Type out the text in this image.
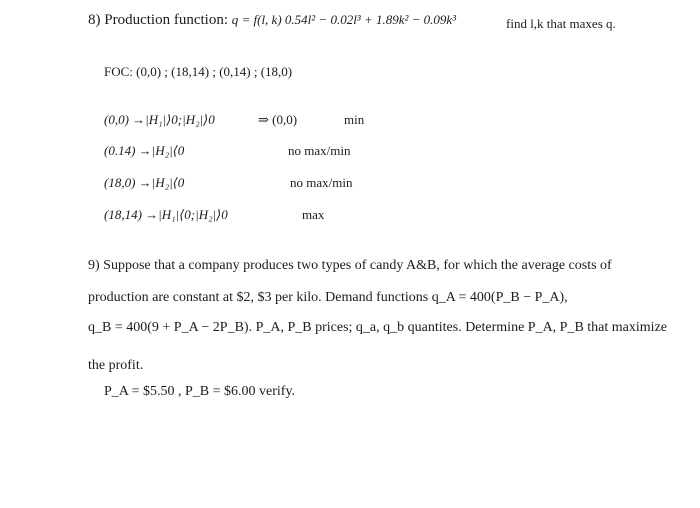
8) Production function: q = f(l, k) 0.54l² − 0.02l³ + 1.89k² − 0.09k³	find l,k that maxes q.
FOC: (0,0) ; (18,14) ; (0,14) ; (18,0)
(0,0) →|H₁|⟩0;|H₂|⟩0	⇒ (0,0)	min
(0.14) →|H₂|⟨0	no max/min
(18,0) →|H₂|⟨0	no max/min
(18,14) →|H₁|⟨0;|H₂|⟩0	max
9) Suppose that a company produces two types of candy A&B, for which the average costs of
production are constant at $2, $3 per kilo. Demand functions q_A = 400(P_B − P_A),
q_B = 400(9 + P_A − 2P_B). P_A, P_B prices; q_a, q_b quantites. Determine P_A, P_B that maximize
the profit.
P_A = $5.50 , P_B = $6.00 verify.
